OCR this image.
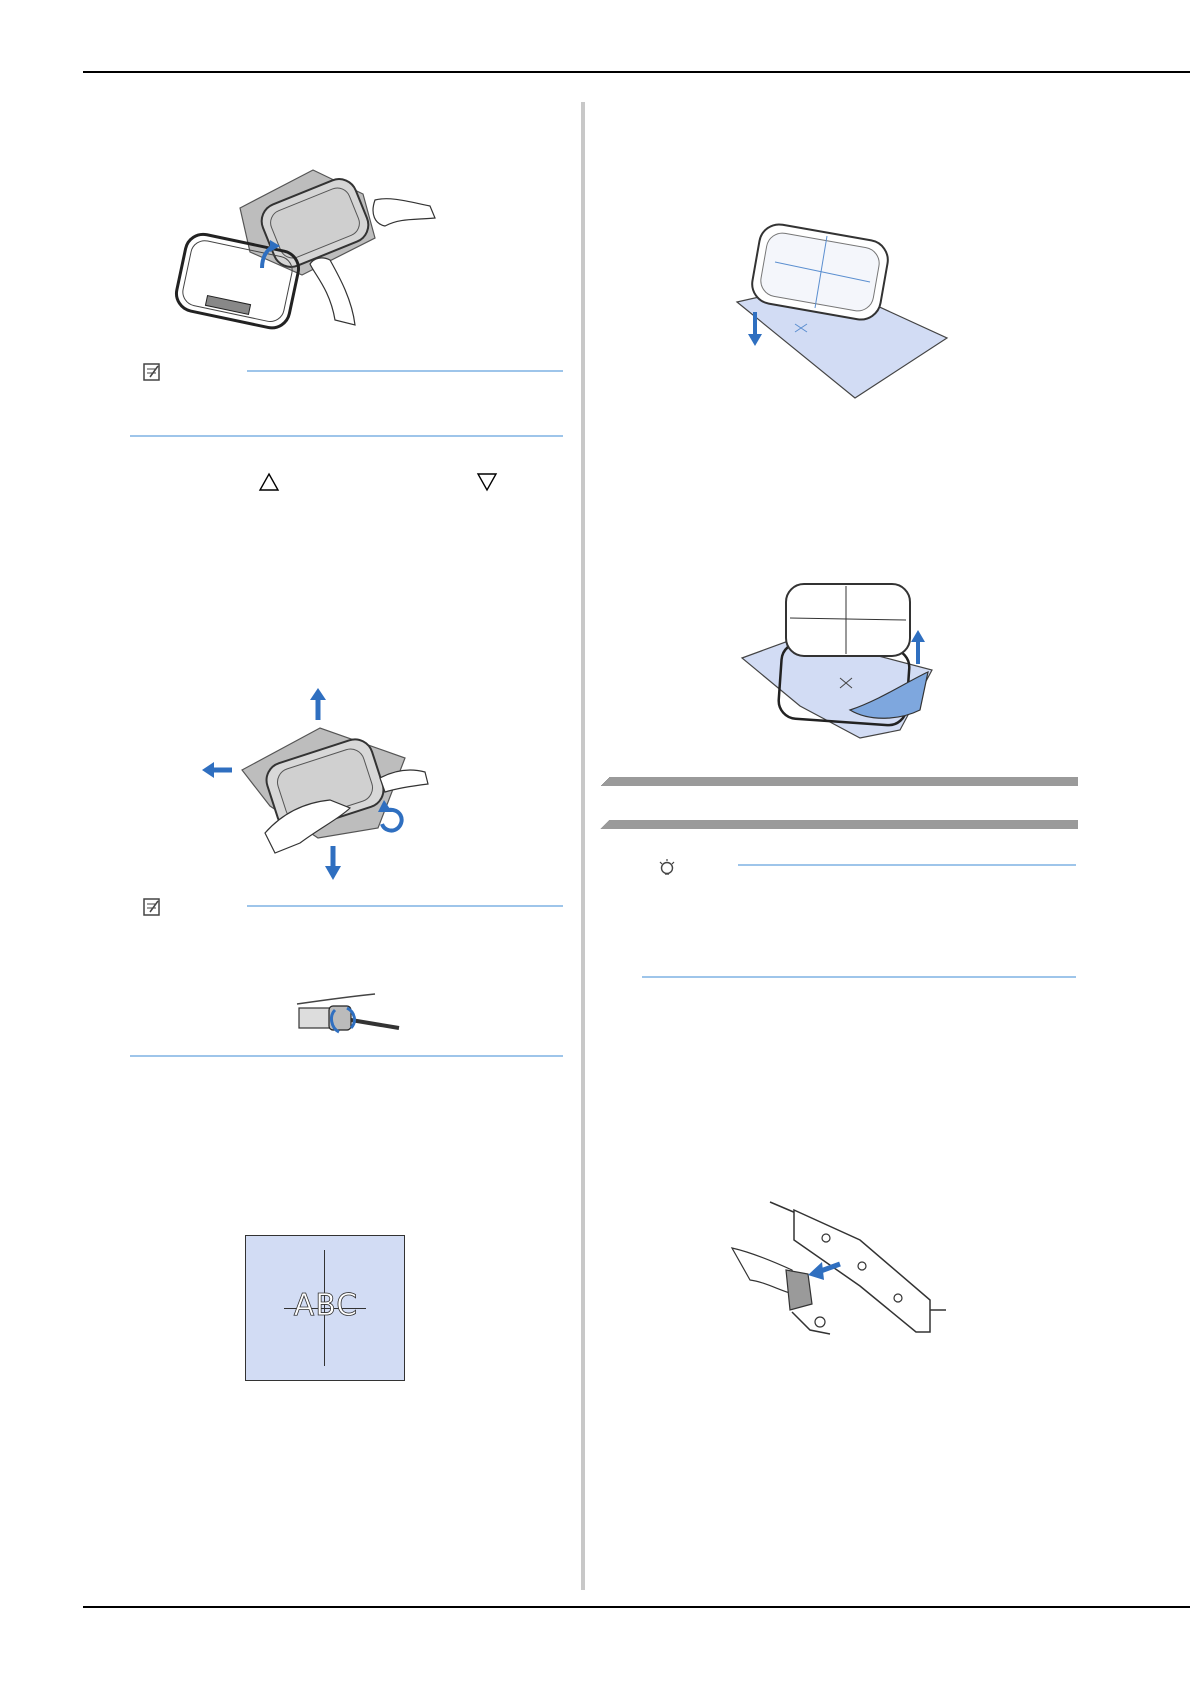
ABC
